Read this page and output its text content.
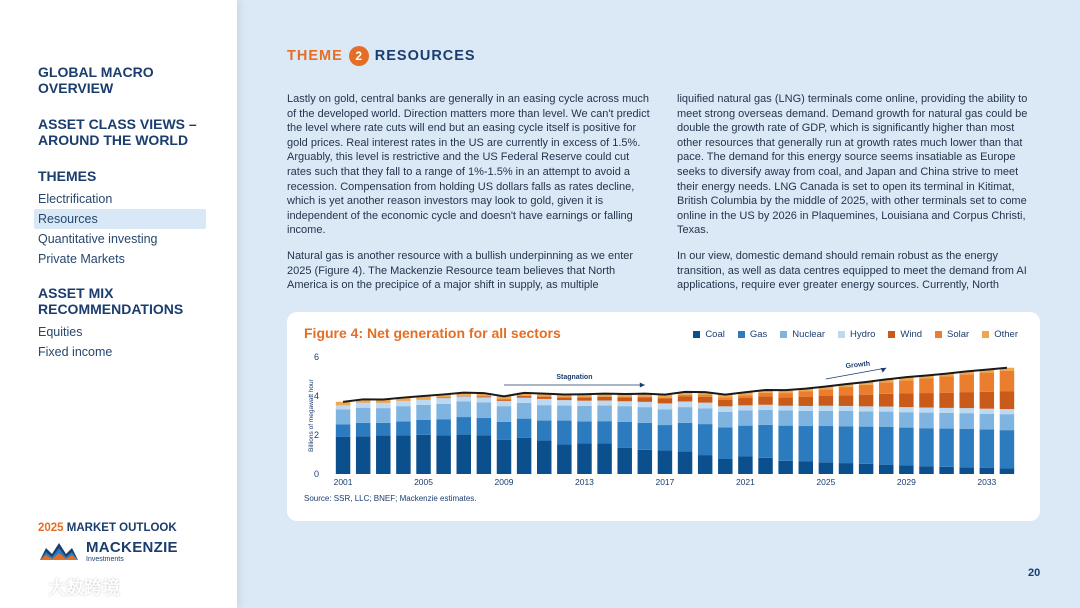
GLOBAL MACRO
OVERVIEW
ASSET CLASS VIEWS –
AROUND THE WORLD
THEMES
Electrification
Resources
Quantitative investing
Private Markets
ASSET MIX
RECOMMENDATIONS
Equities
Fixed income
2025 MARKET OUTLOOK
MACKENZIE
Investments
大数跨境
THEME	2 RESOURCES

Lastly on gold, central banks are generally in an easing cycle across much of the developed world. Direction matters more than level. We can't predict the level where rate cuts will end but an easing cycle itself is positive for gold prices. Real interest rates in the US are currently in excess of 1.5%. Arguably, this level is restrictive and the US Federal Reserve could cut rates such that they fall to a range of 1%-1.5% in an attempt to avoid a recession. Compensation from holding US dollars falls as rates decline, which is yet another reason investors may look to gold, given it is independent of the economic cycle and doesn't have earnings or falling income.

Natural gas is another resource with a bullish underpinning as we enter 2025 (Figure 4). The Mackenzie Resource team believes that North America is on the precipice of a major shift in supply, as multiple

liquified natural gas (LNG) terminals come online, providing the ability to meet strong overseas demand. Demand growth for natural gas could be double the growth rate of GDP, which is significantly higher than most other resources that generally run at growth rates much lower than that pace. The demand for this energy source seems insatiable as Europe seeks to diversify away from coal, and Japan and China strive to meet their energy needs. LNG Canada is set to open its terminal in Kitimat, British Columbia by the middle of 2025, with other terminals set to come online in the US by 2026 in Plaquemines, Louisiana and Corpus Christi, Texas.

In our view, domestic demand should remain robust as the energy transition, as well as data centres equipped to meet the demand from AI applications, require ever greater energy sources. Currently, North

0
2
4
6
Billions of megawatt hour
2001	2005	2009	2013	2017	2021	2025	2029	2033
Stagnation
Growth
Figure 4: Net generation for all sectors	Coal	Gas	Nuclear	Hydro	Wind	Solar	Other
Source: SSR, LLC; BNEF; Mackenzie estimates.
20
